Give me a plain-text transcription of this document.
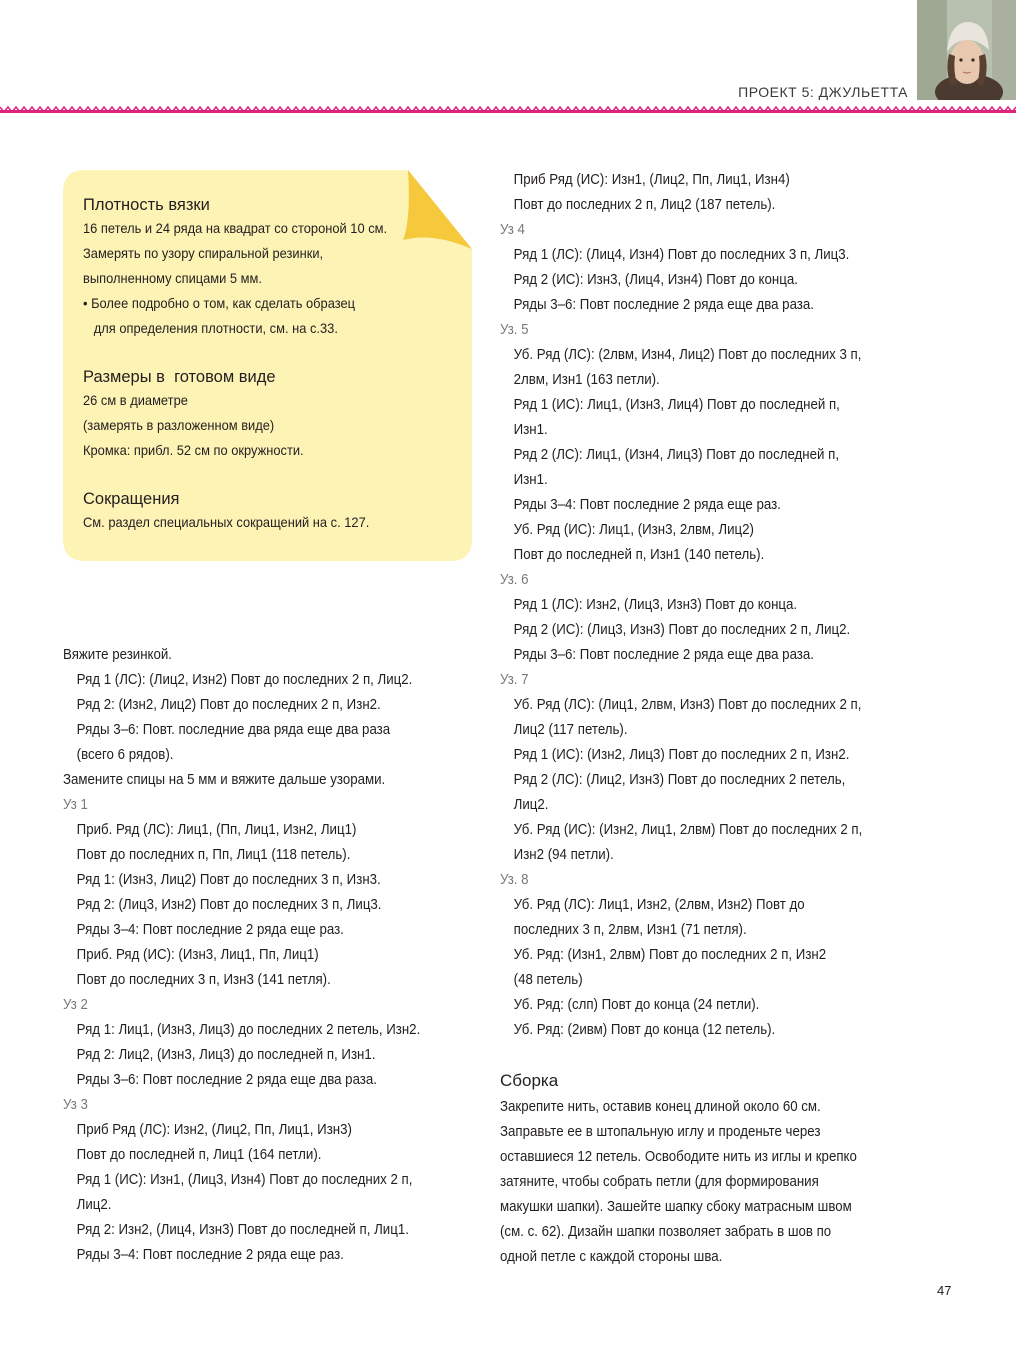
ПРОЕКТ 5: ДЖУЛЬЕТТА
Плотность вязки
16 петель и 24 ряда на квадрат со стороной 10 см.
Замерять по узору спиральной резинки,
выполненному спицами 5 мм.
• Более подробно о том, как сделать образец
для определения плотности, см. на с.33.
Размеры в  готовом виде
26 см в диаметре
(замерять в разложенном виде)
Кромка: прибл. 52 см по окружности.
Сокращения
См. раздел специальных сокращений на с. 127.
Вяжите резинкой.
Ряд 1 (ЛС): (Лиц2, Изн2) Повт до последних 2 п, Лиц2.
Ряд 2: (Изн2, Лиц2) Повт до последних 2 п, Изн2.
Ряды 3–6: Повт. последние два ряда еще два раза
(всего 6 рядов).
Замените спицы на 5 мм и вяжите дальше узорами.
Уз 1
Приб. Ряд (ЛС): Лиц1, (Пп, Лиц1, Изн2, Лиц1)
Повт до последних п, Пп, Лиц1 (118 петель).
Ряд 1: (Изн3, Лиц2) Повт до последних 3 п, Изн3.
Ряд 2: (Лиц3, Изн2) Повт до последних 3 п, Лиц3.
Ряды 3–4: Повт последние 2 ряда еще раз.
Приб. Ряд (ИС): (Изн3, Лиц1, Пп, Лиц1)
Повт до последних 3 п, Изн3 (141 петля).
Уз 2
Ряд 1: Лиц1, (Изн3, Лиц3) до последних 2 петель, Изн2.
Ряд 2: Лиц2, (Изн3, Лиц3) до последней п, Изн1.
Ряды 3–6: Повт последние 2 ряда еще два раза.
Уз 3
Приб Ряд (ЛС): Изн2, (Лиц2, Пп, Лиц1, Изн3)
Повт до последней п, Лиц1 (164 петли).
Ряд 1 (ИС): Изн1, (Лиц3, Изн4) Повт до последних 2 п,
Лиц2.
Ряд 2: Изн2, (Лиц4, Изн3) Повт до последней п, Лиц1.
Ряды 3–4: Повт последние 2 ряда еще раз.
Приб Ряд (ИС): Изн1, (Лиц2, Пп, Лиц1, Изн4)
Повт до последних 2 п, Лиц2 (187 петель).
Уз 4
Ряд 1 (ЛС): (Лиц4, Изн4) Повт до последних 3 п, Лиц3.
Ряд 2 (ИС): Изн3, (Лиц4, Изн4) Повт до конца.
Ряды 3–6: Повт последние 2 ряда еще два раза.
Уз. 5
Уб. Ряд (ЛС): (2лвм, Изн4, Лиц2) Повт до последних 3 п,
2лвм, Изн1 (163 петли).
Ряд 1 (ИС): Лиц1, (Изн3, Лиц4) Повт до последней п,
Изн1.
Ряд 2 (ЛС): Лиц1, (Изн4, Лиц3) Повт до последней п,
Изн1.
Ряды 3–4: Повт последние 2 ряда еще раз.
Уб. Ряд (ИС): Лиц1, (Изн3, 2лвм, Лиц2)
Повт до последней п, Изн1 (140 петель).
Уз. 6
Ряд 1 (ЛС): Изн2, (Лиц3, Изн3) Повт до конца.
Ряд 2 (ИС): (Лиц3, Изн3) Повт до последних 2 п, Лиц2.
Ряды 3–6: Повт последние 2 ряда еще два раза.
Уз. 7
Уб. Ряд (ЛС): (Лиц1, 2лвм, Изн3) Повт до последних 2 п,
Лиц2 (117 петель).
Ряд 1 (ИС): (Изн2, Лиц3) Повт до последних 2 п, Изн2.
Ряд 2 (ЛС): (Лиц2, Изн3) Повт до последних 2 петель,
Лиц2.
Уб. Ряд (ИС): (Изн2, Лиц1, 2лвм) Повт до последних 2 п,
Изн2 (94 петли).
Уз. 8
Уб. Ряд (ЛС): Лиц1, Изн2, (2лвм, Изн2) Повт до
последних 3 п, 2лвм, Изн1 (71 петля).
Уб. Ряд: (Изн1, 2лвм) Повт до последних 2 п, Изн2
(48 петель)
Уб. Ряд: (слп) Повт до конца (24 петли).
Уб. Ряд: (2ивм) Повт до конца (12 петель).
Сборка
Закрепите нить, оставив конец длиной около 60 см.
Заправьте ее в штопальную иглу и проденьте через
оставшиеся 12 петель. Освободите нить из иглы и крепко
затяните, чтобы собрать петли (для формирования
макушки шапки). Зашейте шапку сбоку матрасным швом
(см. с. 62). Дизайн шапки позволяет забрать в шов по
одной петле с каждой стороны шва.
47
